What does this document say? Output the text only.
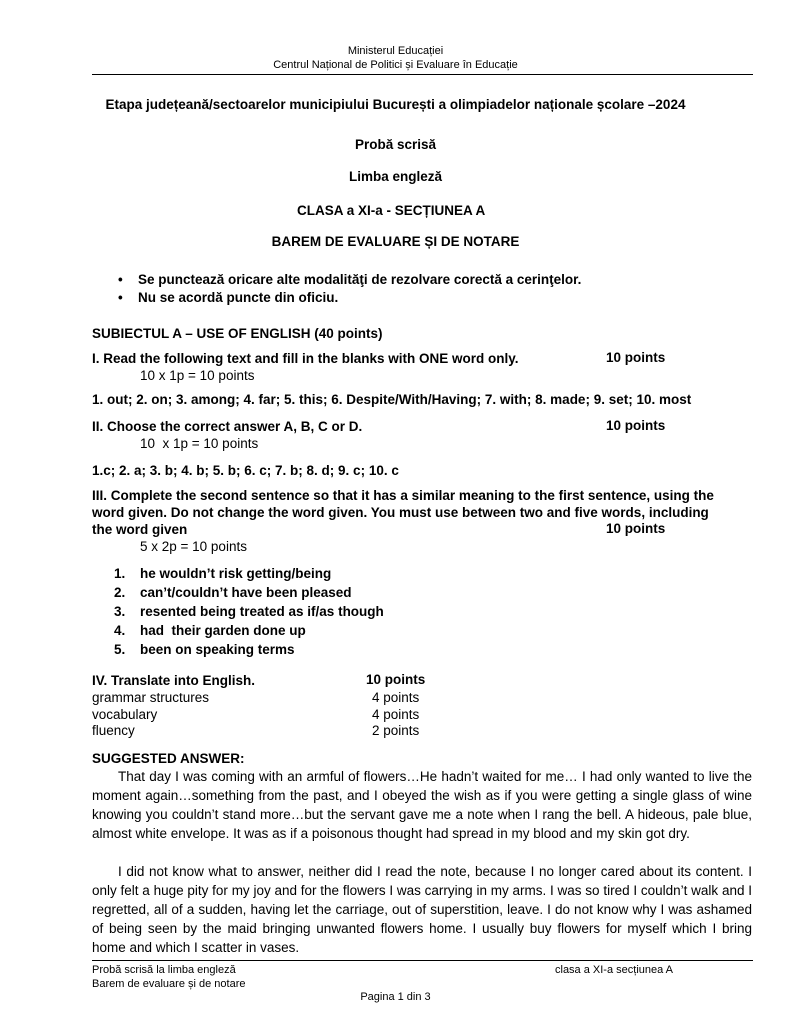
Ministerul Educației
Centrul Național de Politici și Evaluare în Educație
Etapa județeană/sectoarelor municipiului București a olimpiadelor naționale școlare –2024
Probă scrisă
Limba engleză
CLASA a XI-a - SECȚIUNEA A
BAREM DE EVALUARE ȘI DE NOTARE
• Se punctează oricare alte modalităţi de rezolvare corectă a cerinţelor.
• Nu se acordă puncte din oficiu.
SUBIECTUL A – USE OF ENGLISH (40 points)
I. Read the following text and fill in the blanks with ONE word only.	10 points
10 x 1p = 10 points
1. out; 2. on; 3. among; 4. far; 5. this; 6. Despite/With/Having; 7. with; 8. made; 9. set; 10. most
II. Choose the correct answer A, B, C or D.	10 points
10  x 1p = 10 points
1.c; 2. a; 3. b; 4. b; 5. b; 6. c; 7. b; 8. d; 9. c; 10. c
III. Complete the second sentence so that it has a similar meaning to the first sentence, using the
word given. Do not change the word given. You must use between two and five words, including
the word given	10 points
5 x 2p = 10 points
1. he wouldn’t risk getting/being
2. can’t/couldn’t have been pleased
3. resented being treated as if/as though
4. had  their garden done up
5. been on speaking terms
IV. Translate into English.	10 points
grammar structures	4 points
vocabulary	4 points
fluency	2 points
SUGGESTED ANSWER:
That day I was coming with an armful of flowers…He hadn’t waited for me… I had only wanted to live the moment again…something from the past, and I obeyed the wish as if you were getting a single glass of wine knowing you couldn’t stand more…but the servant gave me a note when I rang the bell. A hideous, pale blue, almost white envelope. It was as if a poisonous thought had spread in my blood and my skin got dry.
I did not know what to answer, neither did I read the note, because I no longer cared about its content. I only felt a huge pity for my joy and for the flowers I was carrying in my arms. I was so tired I couldn’t walk and I regretted, all of a sudden, having let the carriage, out of superstition, leave. I do not know why I was ashamed of being seen by the maid bringing unwanted flowers home. I usually buy flowers for myself which I bring home and which I scatter in vases.
Probă scrisă la limba engleză
Barem de evaluare și de notare
clasa a XI-a secțiunea A
Pagina 1 din 3
